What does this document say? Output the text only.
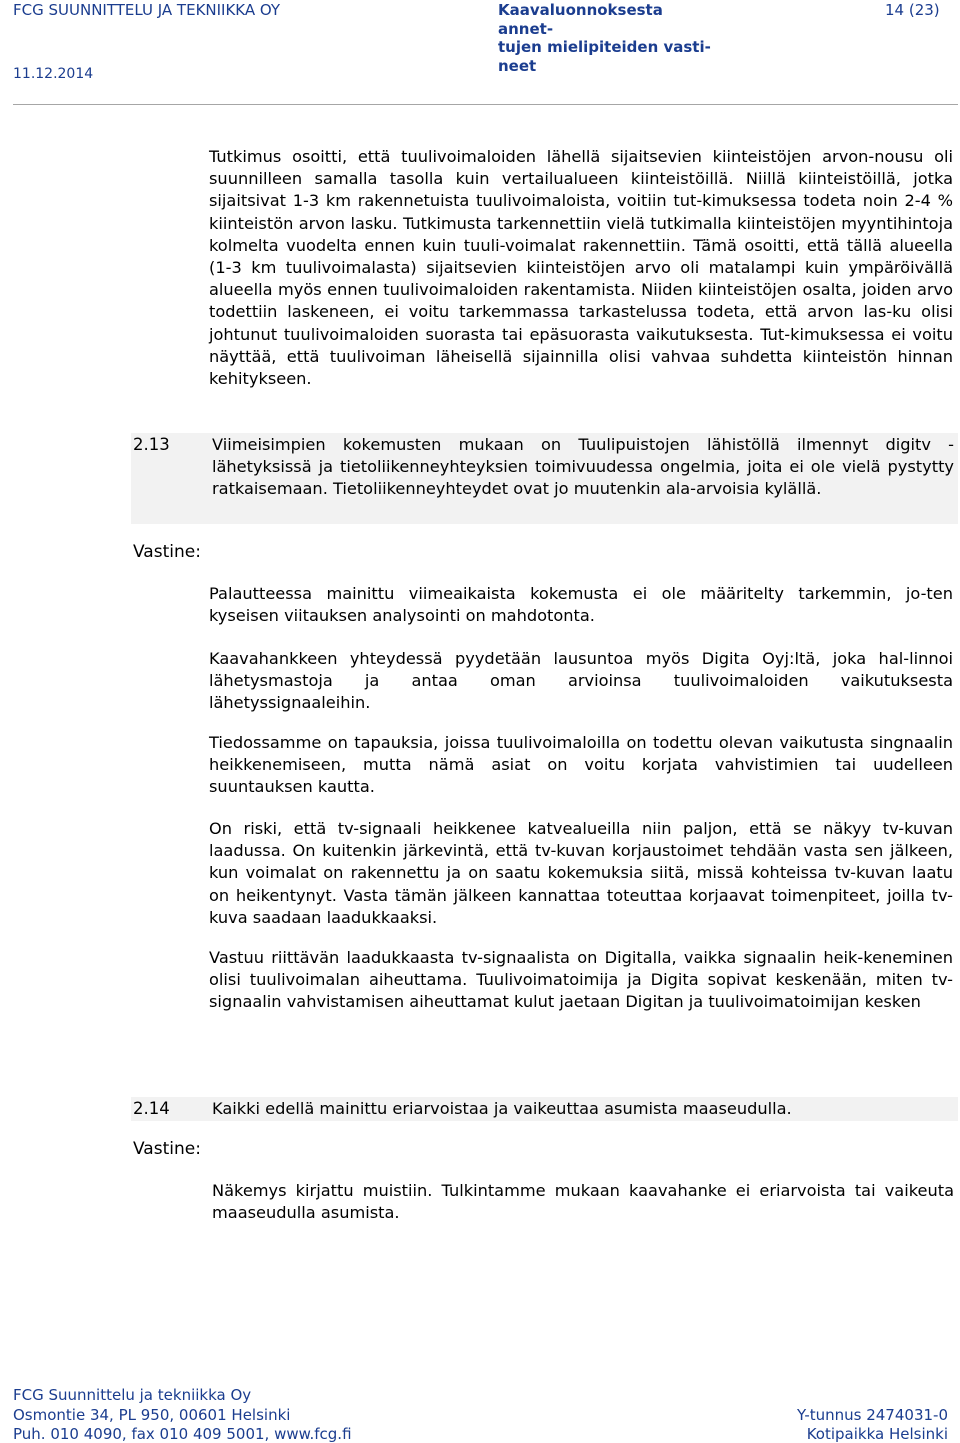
FCG SUUNNITTELU JA TEKNIIKKA OY	Kaavaluonnoksesta annet-
tujen mielipiteiden vasti-
neet
14 (23)
11.12.2014
Tutkimus osoitti, että tuulivoimaloiden lähellä sijaitsevien kiinteistöjen arvon-nousu oli suunnilleen samalla tasolla kuin vertailualueen kiinteistöillä. Niillä kiinteistöillä, jotka sijaitsivat 1-3 km rakennetuista tuulivoimaloista, voitiin tut-kimuksessa todeta noin 2-4 % kiinteistön arvon lasku. Tutkimusta tarkennettiin vielä tutkimalla kiinteistöjen myyntihintoja kolmelta vuodelta ennen kuin tuuli-voimalat rakennettiin. Tämä osoitti, että tällä alueella (1-3 km tuulivoimalasta) sijaitsevien kiinteistöjen arvo oli matalampi kuin ympäröivällä alueella myös ennen tuulivoimaloiden rakentamista. Niiden kiinteistöjen osalta, joiden arvo todettiin laskeneen, ei voitu tarkemmassa tarkastelussa todeta, että arvon las-ku olisi johtunut tuulivoimaloiden suorasta tai epäsuorasta vaikutuksesta. Tut-kimuksessa ei voitu näyttää, että tuulivoiman läheisellä sijainnilla olisi vahvaa suhdetta kiinteistön hinnan kehitykseen.
2.13	Viimeisimpien kokemusten mukaan on Tuulipuistojen lähistöllä ilmennyt digitv - lähetyksissä ja tietoliikenneyhteyksien toimivuudessa ongelmia, joita ei ole vielä pystytty ratkaisemaan. Tietoliikenneyhteydet ovat jo muutenkin ala-arvoisia kylällä.
Vastine:
Palautteessa mainittu viimeaikaista kokemusta ei ole määritelty tarkemmin, jo-ten kyseisen viitauksen analysointi on mahdotonta.
Kaavahankkeen yhteydessä pyydetään lausuntoa myös Digita Oyj:ltä, joka hal-linnoi lähetysmastoja ja antaa oman arvioinsa tuulivoimaloiden vaikutuksesta lähetyssignaaleihin.
Tiedossamme on tapauksia, joissa tuulivoimaloilla on todettu olevan vaikutusta singnaalin heikkenemiseen, mutta nämä asiat on voitu korjata vahvistimien tai uudelleen suuntauksen kautta.
On riski, että tv-signaali heikkenee katvealueilla niin paljon, että se näkyy tv-kuvan laadussa. On kuitenkin järkevintä, että tv-kuvan korjaustoimet tehdään vasta sen jälkeen, kun voimalat on rakennettu ja on saatu kokemuksia siitä, missä kohteissa tv-kuvan laatu on heikentynyt. Vasta tämän jälkeen kannattaa toteuttaa korjaavat toimenpiteet, joilla tv-kuva saadaan laadukkaaksi.
Vastuu riittävän laadukkaasta tv-signaalista on Digitalla, vaikka signaalin heik-keneminen olisi tuulivoimalan aiheuttama. Tuulivoimatoimija ja Digita sopivat keskenään, miten tv-signaalin vahvistamisen aiheuttamat kulut jaetaan Digitan ja tuulivoimatoimijan kesken
2.14	Kaikki edellä mainittu eriarvoistaa ja vaikeuttaa asumista maaseudulla.
Vastine:
Näkemys kirjattu muistiin. Tulkintamme mukaan kaavahanke ei eriarvoista tai vaikeuta maaseudulla asumista.
FCG Suunnittelu ja tekniikka Oy
Osmontie 34, PL 950, 00601 Helsinki
Puh. 010 4090, fax 010 409 5001, www.fcg.fi
Y-tunnus 2474031-0
Kotipaikka Helsinki
